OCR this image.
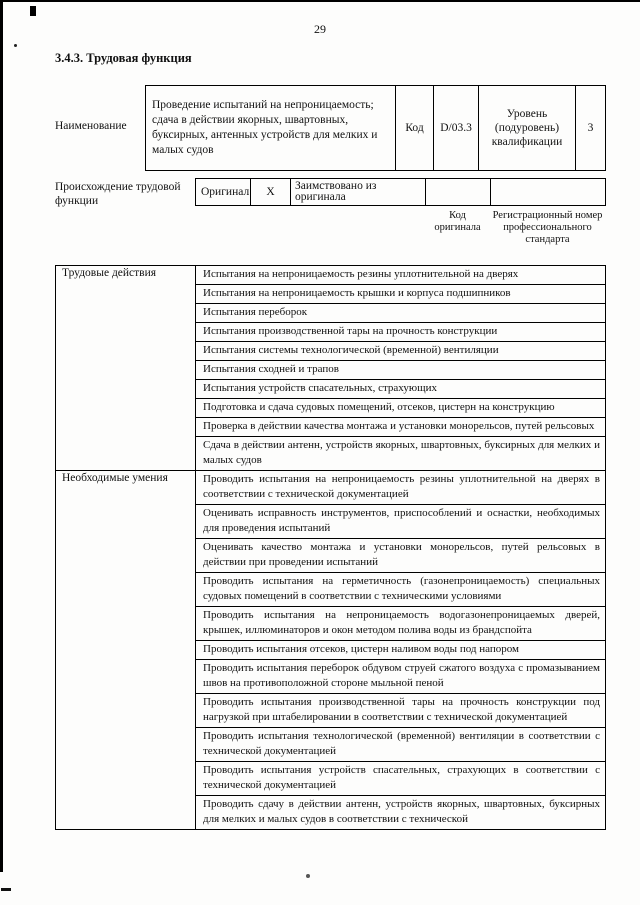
29
3.4.3. Трудовая функция
Наименование
Проведение испытаний на непроницаемость; сдача в действии якорных, швартовных, буксирных, антенных устройств для мелких и малых судов	Код	D/03.3	Уровень (подуровень) квалификации	3
Происхождение трудовой функции
Оригинал	X	Заимствовано из оригинала		
Код оригинала
Регистрационный номер профессионального стандарта
Трудовые действия	Испытания на непроницаемость резины уплотнительной на дверях
	Испытания на непроницаемость крышки и корпуса подшипников
	Испытания переборок
	Испытания производственной тары на прочность конструкции
	Испытания системы технологической (временной) вентиляции
	Испытания сходней и трапов
	Испытания устройств спасательных, страхующих
	Подготовка и сдача судовых помещений, отсеков, цистерн на конструкцию
	Проверка в действии качества монтажа и установки монорельсов, путей рельсовых
	Сдача в действии антенн, устройств якорных, швартовных, буксирных для мелких и малых судов
Необходимые умения	Проводить испытания на непроницаемость резины уплотнительной на дверях в соответствии с технической документацией
	Оценивать исправность инструментов, приспособлений и оснастки, необходимых для проведения испытаний
	Оценивать качество монтажа и установки монорельсов, путей рельсовых в действии при проведении испытаний
	Проводить испытания на герметичность (газонепроницаемость) специальных судовых помещений в соответствии с техническими условиями
	Проводить испытания на непроницаемость водогазонепроницаемых дверей, крышек, иллюминаторов и окон методом полива воды из брандспойта
	Проводить испытания отсеков, цистерн наливом воды под напором
	Проводить испытания переборок обдувом струей сжатого воздуха с промазыванием швов на противоположной стороне мыльной пеной
	Проводить испытания производственной тары на прочность конструкции под нагрузкой при штабелировании в соответствии с технической документацией
	Проводить испытания технологической (временной) вентиляции в соответствии с технической документацией
	Проводить испытания устройств спасательных, страхующих в соответствии с технической документацией
	Проводить сдачу в действии антенн, устройств якорных, швартовных, буксирных для мелких и малых судов в соответствии с технической
